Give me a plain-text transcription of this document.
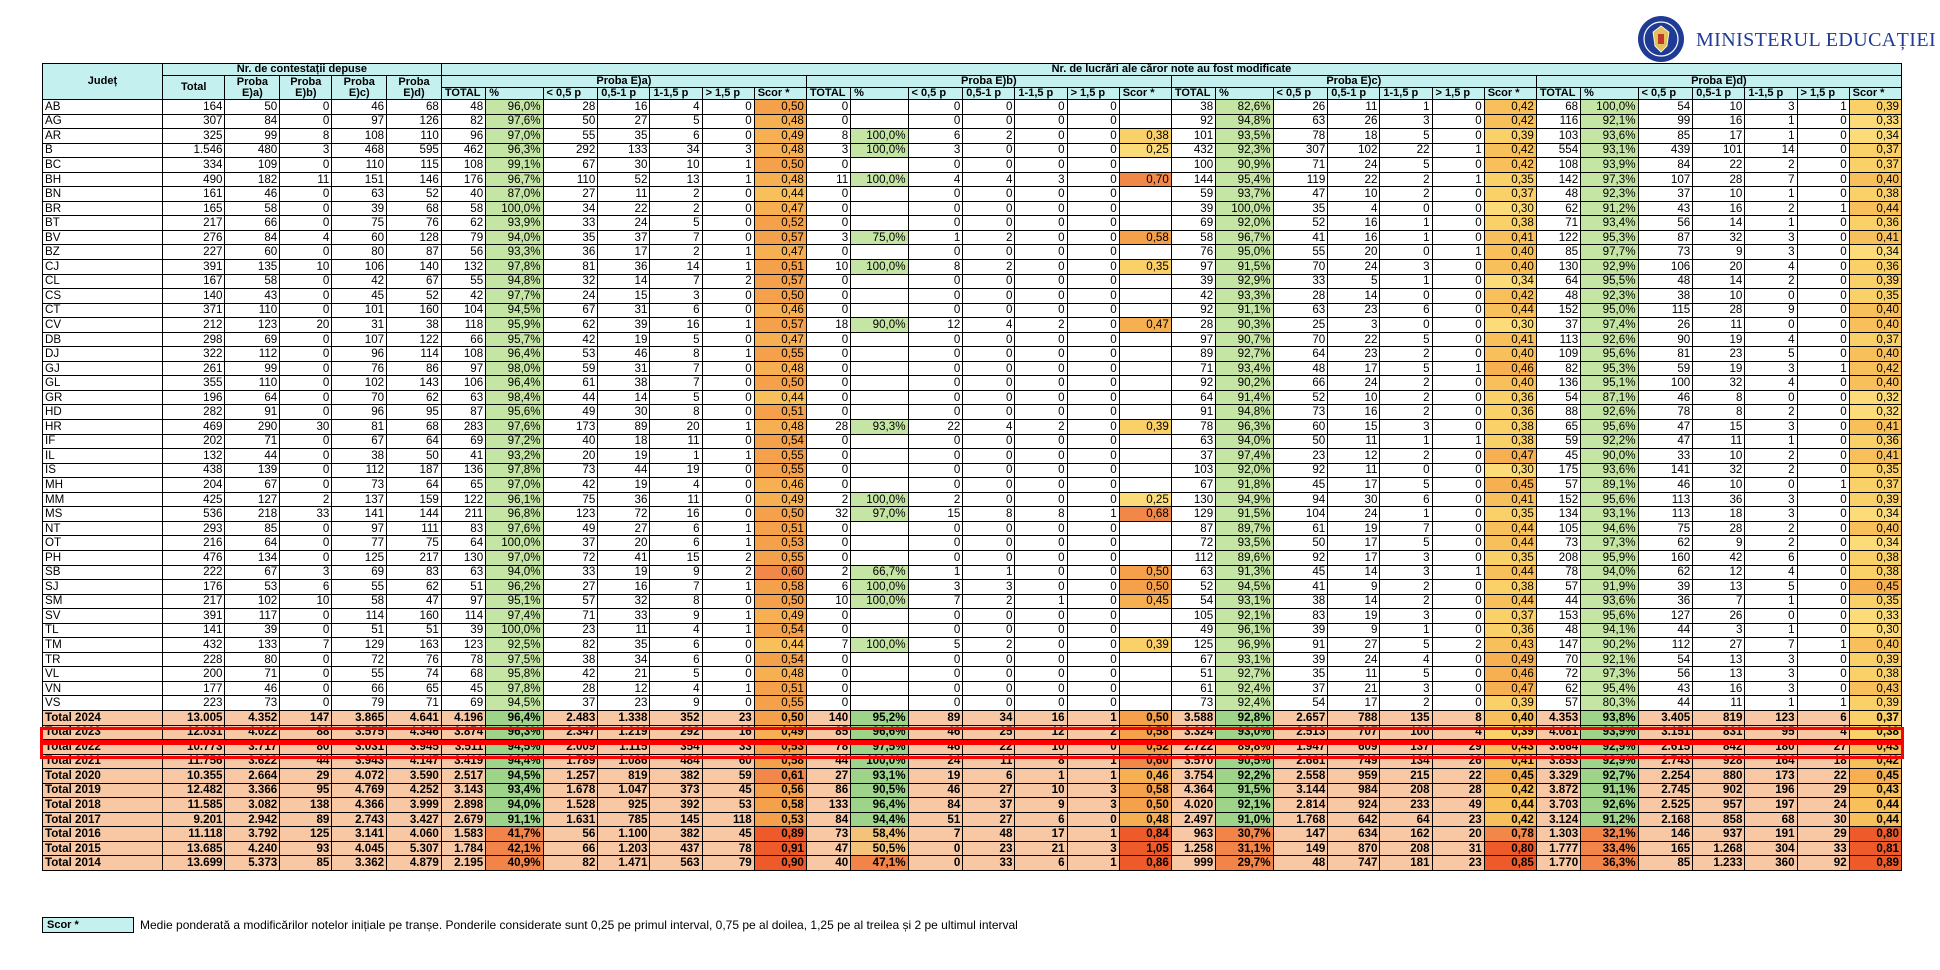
MINISTERUL EDUCAȚIEI
Județ	Nr. de contestații depuse					Nr. de lucrări ale căror note au fost modificate																											
	Total	Proba E)a)	Proba E)b)	Proba E)c)	Proba E)d)	Proba E)a)							Proba E)b)							Proba E)c)							Proba E)d)						
						TOTAL	%	< 0,5 p	0,5-1 p	1-1,5 p	> 1,5 p	Scor *	TOTAL	%	< 0,5 p	0,5-1 p	1-1,5 p	> 1,5 p	Scor *	TOTAL	%	< 0,5 p	0,5-1 p	1-1,5 p	> 1,5 p	Scor *	TOTAL	%	< 0,5 p	0,5-1 p	1-1,5 p	> 1,5 p	Scor *
AB	164	50	0	46	68	48	96,0%	28	16	4	0	0,50	0		0	0	0	0		38	82,6%	26	11	1	0	0,42	68	100,0%	54	10	3	1	0,39
AG	307	84	0	97	126	82	97,6%	50	27	5	0	0,48	0		0	0	0	0		92	94,8%	63	26	3	0	0,42	116	92,1%	99	16	1	0	0,33
AR	325	99	8	108	110	96	97,0%	55	35	6	0	0,49	8	100,0%	6	2	0	0	0,38	101	93,5%	78	18	5	0	0,39	103	93,6%	85	17	1	0	0,34
B	1.546	480	3	468	595	462	96,3%	292	133	34	3	0,48	3	100,0%	3	0	0	0	0,25	432	92,3%	307	102	22	1	0,42	554	93,1%	439	101	14	0	0,37
BC	334	109	0	110	115	108	99,1%	67	30	10	1	0,50	0		0	0	0	0		100	90,9%	71	24	5	0	0,42	108	93,9%	84	22	2	0	0,37
BH	490	182	11	151	146	176	96,7%	110	52	13	1	0,48	11	100,0%	4	4	3	0	0,70	144	95,4%	119	22	2	1	0,35	142	97,3%	107	28	7	0	0,40
BN	161	46	0	63	52	40	87,0%	27	11	2	0	0,44	0		0	0	0	0		59	93,7%	47	10	2	0	0,37	48	92,3%	37	10	1	0	0,38
BR	165	58	0	39	68	58	100,0%	34	22	2	0	0,47	0		0	0	0	0		39	100,0%	35	4	0	0	0,30	62	91,2%	43	16	2	1	0,44
BT	217	66	0	75	76	62	93,9%	33	24	5	0	0,52	0		0	0	0	0		69	92,0%	52	16	1	0	0,38	71	93,4%	56	14	1	0	0,36
BV	276	84	4	60	128	79	94,0%	35	37	7	0	0,57	3	75,0%	1	2	0	0	0,58	58	96,7%	41	16	1	0	0,41	122	95,3%	87	32	3	0	0,41
BZ	227	60	0	80	87	56	93,3%	36	17	2	1	0,47	0		0	0	0	0		76	95,0%	55	20	0	1	0,40	85	97,7%	73	9	3	0	0,34
CJ	391	135	10	106	140	132	97,8%	81	36	14	1	0,51	10	100,0%	8	2	0	0	0,35	97	91,5%	70	24	3	0	0,40	130	92,9%	106	20	4	0	0,36
CL	167	58	0	42	67	55	94,8%	32	14	7	2	0,57	0		0	0	0	0		39	92,9%	33	5	1	0	0,34	64	95,5%	48	14	2	0	0,39
CS	140	43	0	45	52	42	97,7%	24	15	3	0	0,50	0		0	0	0	0		42	93,3%	28	14	0	0	0,42	48	92,3%	38	10	0	0	0,35
CT	371	110	0	101	160	104	94,5%	67	31	6	0	0,46	0		0	0	0	0		92	91,1%	63	23	6	0	0,44	152	95,0%	115	28	9	0	0,40
CV	212	123	20	31	38	118	95,9%	62	39	16	1	0,57	18	90,0%	12	4	2	0	0,47	28	90,3%	25	3	0	0	0,30	37	97,4%	26	11	0	0	0,40
DB	298	69	0	107	122	66	95,7%	42	19	5	0	0,47	0		0	0	0	0		97	90,7%	70	22	5	0	0,41	113	92,6%	90	19	4	0	0,37
DJ	322	112	0	96	114	108	96,4%	53	46	8	1	0,55	0		0	0	0	0		89	92,7%	64	23	2	0	0,40	109	95,6%	81	23	5	0	0,40
GJ	261	99	0	76	86	97	98,0%	59	31	7	0	0,48	0		0	0	0	0		71	93,4%	48	17	5	1	0,46	82	95,3%	59	19	3	1	0,42
GL	355	110	0	102	143	106	96,4%	61	38	7	0	0,50	0		0	0	0	0		92	90,2%	66	24	2	0	0,40	136	95,1%	100	32	4	0	0,40
GR	196	64	0	70	62	63	98,4%	44	14	5	0	0,44	0		0	0	0	0		64	91,4%	52	10	2	0	0,36	54	87,1%	46	8	0	0	0,32
HD	282	91	0	96	95	87	95,6%	49	30	8	0	0,51	0		0	0	0	0		91	94,8%	73	16	2	0	0,36	88	92,6%	78	8	2	0	0,32
HR	469	290	30	81	68	283	97,6%	173	89	20	1	0,48	28	93,3%	22	4	2	0	0,39	78	96,3%	60	15	3	0	0,38	65	95,6%	47	15	3	0	0,41
IF	202	71	0	67	64	69	97,2%	40	18	11	0	0,54	0		0	0	0	0		63	94,0%	50	11	1	1	0,38	59	92,2%	47	11	1	0	0,36
IL	132	44	0	38	50	41	93,2%	20	19	1	1	0,55	0		0	0	0	0		37	97,4%	23	12	2	0	0,47	45	90,0%	33	10	2	0	0,41
IS	438	139	0	112	187	136	97,8%	73	44	19	0	0,55	0		0	0	0	0		103	92,0%	92	11	0	0	0,30	175	93,6%	141	32	2	0	0,35
MH	204	67	0	73	64	65	97,0%	42	19	4	0	0,46	0		0	0	0	0		67	91,8%	45	17	5	0	0,45	57	89,1%	46	10	0	1	0,37
MM	425	127	2	137	159	122	96,1%	75	36	11	0	0,49	2	100,0%	2	0	0	0	0,25	130	94,9%	94	30	6	0	0,41	152	95,6%	113	36	3	0	0,39
MS	536	218	33	141	144	211	96,8%	123	72	16	0	0,50	32	97,0%	15	8	8	1	0,68	129	91,5%	104	24	1	0	0,35	134	93,1%	113	18	3	0	0,34
NT	293	85	0	97	111	83	97,6%	49	27	6	1	0,51	0		0	0	0	0		87	89,7%	61	19	7	0	0,44	105	94,6%	75	28	2	0	0,40
OT	216	64	0	77	75	64	100,0%	37	20	6	1	0,53	0		0	0	0	0		72	93,5%	50	17	5	0	0,44	73	97,3%	62	9	2	0	0,34
PH	476	134	0	125	217	130	97,0%	72	41	15	2	0,55	0		0	0	0	0		112	89,6%	92	17	3	0	0,35	208	95,9%	160	42	6	0	0,38
SB	222	67	3	69	83	63	94,0%	33	19	9	2	0,60	2	66,7%	1	1	0	0	0,50	63	91,3%	45	14	3	1	0,44	78	94,0%	62	12	4	0	0,38
SJ	176	53	6	55	62	51	96,2%	27	16	7	1	0,58	6	100,0%	3	3	0	0	0,50	52	94,5%	41	9	2	0	0,38	57	91,9%	39	13	5	0	0,45
SM	217	102	10	58	47	97	95,1%	57	32	8	0	0,50	10	100,0%	7	2	1	0	0,45	54	93,1%	38	14	2	0	0,44	44	93,6%	36	7	1	0	0,35
SV	391	117	0	114	160	114	97,4%	71	33	9	1	0,49	0		0	0	0	0		105	92,1%	83	19	3	0	0,37	153	95,6%	127	26	0	0	0,33
TL	141	39	0	51	51	39	100,0%	23	11	4	1	0,54	0		0	0	0	0		49	96,1%	39	9	1	0	0,36	48	94,1%	44	3	1	0	0,30
TM	432	133	7	129	163	123	92,5%	82	35	6	0	0,44	7	100,0%	5	2	0	0	0,39	125	96,9%	91	27	5	2	0,43	147	90,2%	112	27	7	1	0,40
TR	228	80	0	72	76	78	97,5%	38	34	6	0	0,54	0		0	0	0	0		67	93,1%	39	24	4	0	0,49	70	92,1%	54	13	3	0	0,39
VL	200	71	0	55	74	68	95,8%	42	21	5	0	0,48	0		0	0	0	0		51	92,7%	35	11	5	0	0,46	72	97,3%	56	13	3	0	0,38
VN	177	46	0	66	65	45	97,8%	28	12	4	1	0,51	0		0	0	0	0		61	92,4%	37	21	3	0	0,47	62	95,4%	43	16	3	0	0,43
VS	223	73	0	79	71	69	94,5%	37	23	9	0	0,55	0		0	0	0	0		73	92,4%	54	17	2	0	0,39	57	80,3%	44	11	1	1	0,39
Total 2024	13.005	4.352	147	3.865	4.641	4.196	96,4%	2.483	1.338	352	23	0,50	140	95,2%	89	34	16	1	0,50	3.588	92,8%	2.657	788	135	8	0,40	4.353	93,8%	3.405	819	123	6	0,37
Total 2023	12.031	4.022	88	3.575	4.346	3.874	96,3%	2.347	1.219	292	16	0,49	85	96,6%	46	25	12	2	0,58	3.324	93,0%	2.513	707	100	4	0,39	4.081	93,9%	3.151	831	95	4	0,38
Total 2022	10.773	3.717	80	3.031	3.945	3.511	94,5%	2.009	1.115	354	33	0,53	78	97,5%	46	22	10	0	0,52	2.722	89,8%	1.947	609	137	29	0,43	3.664	92,9%	2.615	842	180	27	0,43
Total 2021	11.756	3.622	44	3.943	4.147	3.419	94,4%	1.789	1.086	484	60	0,58	44	100,0%	24	11	8	1	0,60	3.570	90,5%	2.661	749	134	26	0,41	3.853	92,9%	2.743	928	164	18	0,42
Total 2020	10.355	2.664	29	4.072	3.590	2.517	94,5%	1.257	819	382	59	0,61	27	93,1%	19	6	1	1	0,46	3.754	92,2%	2.558	959	215	22	0,45	3.329	92,7%	2.254	880	173	22	0,45
Total 2019	12.482	3.366	95	4.769	4.252	3.143	93,4%	1.678	1.047	373	45	0,56	86	90,5%	46	27	10	3	0,58	4.364	91,5%	3.144	984	208	28	0,42	3.872	91,1%	2.745	902	196	29	0,43
Total 2018	11.585	3.082	138	4.366	3.999	2.898	94,0%	1.528	925	392	53	0,58	133	96,4%	84	37	9	3	0,50	4.020	92,1%	2.814	924	233	49	0,44	3.703	92,6%	2.525	957	197	24	0,44
Total 2017	9.201	2.942	89	2.743	3.427	2.679	91,1%	1.631	785	145	118	0,53	84	94,4%	51	27	6	0	0,48	2.497	91,0%	1.768	642	64	23	0,42	3.124	91,2%	2.168	858	68	30	0,44
Total 2016	11.118	3.792	125	3.141	4.060	1.583	41,7%	56	1.100	382	45	0,89	73	58,4%	7	48	17	1	0,84	963	30,7%	147	634	162	20	0,78	1.303	32,1%	146	937	191	29	0,80
Total 2015	13.685	4.240	93	4.045	5.307	1.784	42,1%	66	1.203	437	78	0,91	47	50,5%	0	23	21	3	1,05	1.258	31,1%	149	870	208	31	0,80	1.777	33,4%	165	1.268	304	33	0,81
Total 2014	13.699	5.373	85	3.362	4.879	2.195	40,9%	82	1.471	563	79	0,90	40	47,1%	0	33	6	1	0,86	999	29,7%	48	747	181	23	0,85	1.770	36,3%	85	1.233	360	92	0,89
Scor *	Medie ponderată a modificărilor notelor inițiale pe tranșe. Ponderile considerate sunt 0,25 pe primul interval, 0,75 pe al doilea, 1,25 pe al treilea și 2 pe ultimul interval
